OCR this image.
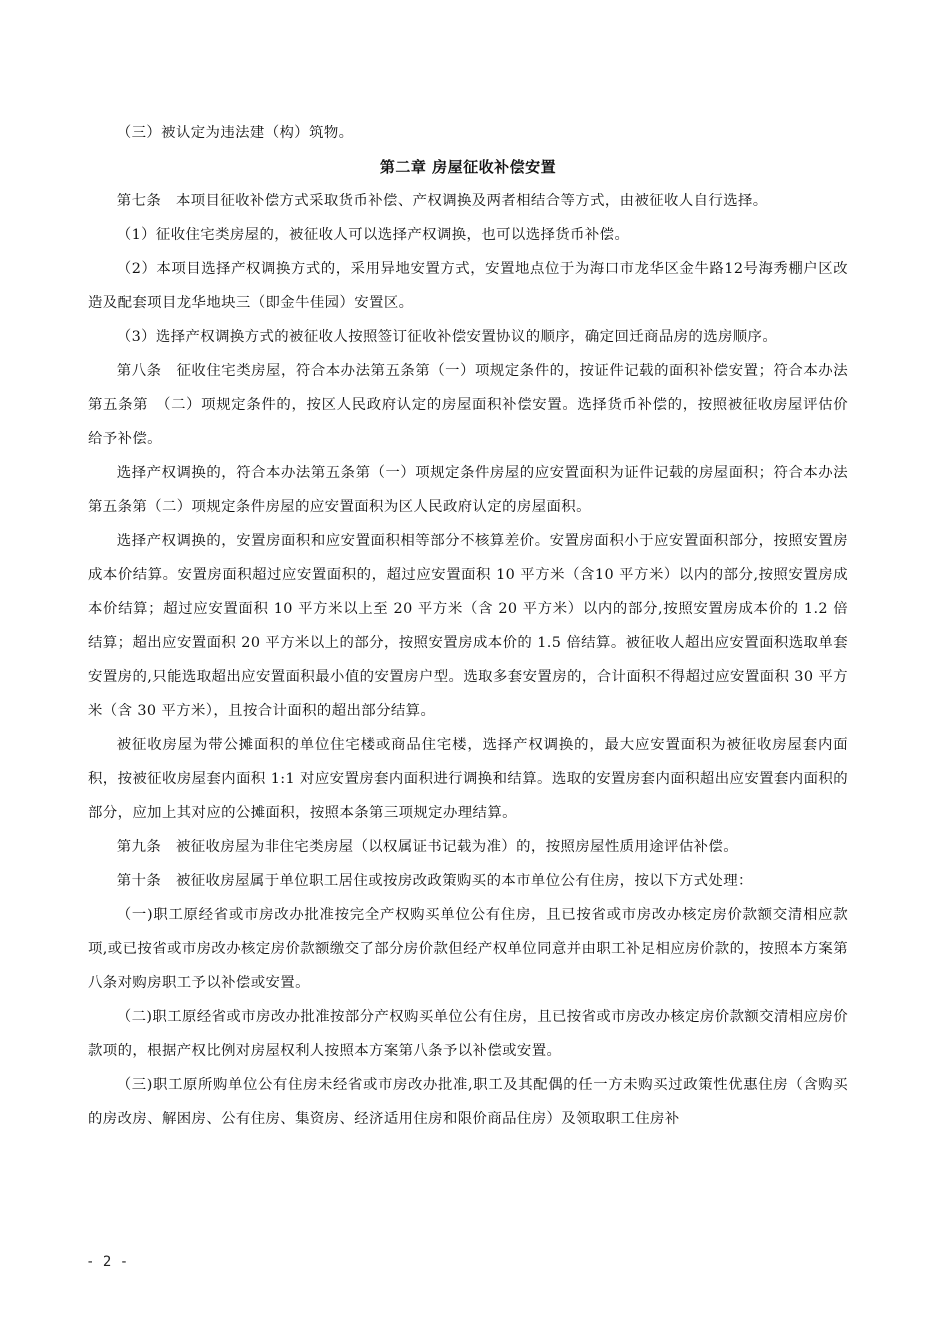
（三）被认定为违法建（构）筑物。

第二章 房屋征收补偿安置

第七条　本项目征收补偿方式采取货币补偿、产权调换及两者相结合等方式，由被征收人自行选择。

（1）征收住宅类房屋的，被征收人可以选择产权调换，也可以选择货币补偿。

（2）本项目选择产权调换方式的，采用异地安置方式，安置地点位于为海口市龙华区金牛路12号海秀棚户区改造及配套项目龙华地块三（即金牛佳园）安置区。

（3）选择产权调换方式的被征收人按照签订征收补偿安置协议的顺序，确定回迁商品房的选房顺序。

第八条　征收住宅类房屋，符合本办法第五条第（一）项规定条件的，按证件记载的面积补偿安置；符合本办法第五条第　（二）项规定条件的，按区人民政府认定的房屋面积补偿安置。选择货币补偿的，按照被征收房屋评估价给予补偿。

选择产权调换的，符合本办法第五条第（一）项规定条件房屋的应安置面积为证件记载的房屋面积；符合本办法第五条第（二）项规定条件房屋的应安置面积为区人民政府认定的房屋面积。

选择产权调换的，安置房面积和应安置面积相等部分不核算差价。安置房面积小于应安置面积部分，按照安置房成本价结算。安置房面积超过应安置面积的，超过应安置面积 10 平方米（含10 平方米）以内的部分,按照安置房成本价结算；超过应安置面积 10 平方米以上至 20 平方米（含 20 平方米）以内的部分,按照安置房成本价的 1.2 倍结算；超出应安置面积 20 平方米以上的部分，按照安置房成本价的 1.5 倍结算。被征收人超出应安置面积选取单套安置房的,只能选取超出应安置面积最小值的安置房户型。选取多套安置房的，合计面积不得超过应安置面积 30 平方米（含 30 平方米），且按合计面积的超出部分结算。

被征收房屋为带公摊面积的单位住宅楼或商品住宅楼，选择产权调换的，最大应安置面积为被征收房屋套内面积，按被征收房屋套内面积 1:1 对应安置房套内面积进行调换和结算。选取的安置房套内面积超出应安置套内面积的部分，应加上其对应的公摊面积，按照本条第三项规定办理结算。

第九条　被征收房屋为非住宅类房屋（以权属证书记载为准）的，按照房屋性质用途评估补偿。

第十条　被征收房屋属于单位职工居住或按房改政策购买的本市单位公有住房，按以下方式处理：

（一)职工原经省或市房改办批准按完全产权购买单位公有住房，且已按省或市房改办核定房价款额交清相应款项,或已按省或市房改办核定房价款额缴交了部分房价款但经产权单位同意并由职工补足相应房价款的，按照本方案第八条对购房职工予以补偿或安置。

（二)职工原经省或市房改办批准按部分产权购买单位公有住房，且已按省或市房改办核定房价款额交清相应房价款项的，根据产权比例对房屋权利人按照本方案第八条予以补偿或安置。

（三)职工原所购单位公有住房未经省或市房改办批准,职工及其配偶的任一方未购买过政策性优惠住房（含购买的房改房、解困房、公有住房、集资房、经济适用住房和限价商品住房）及领取职工住房补

- 2 -
